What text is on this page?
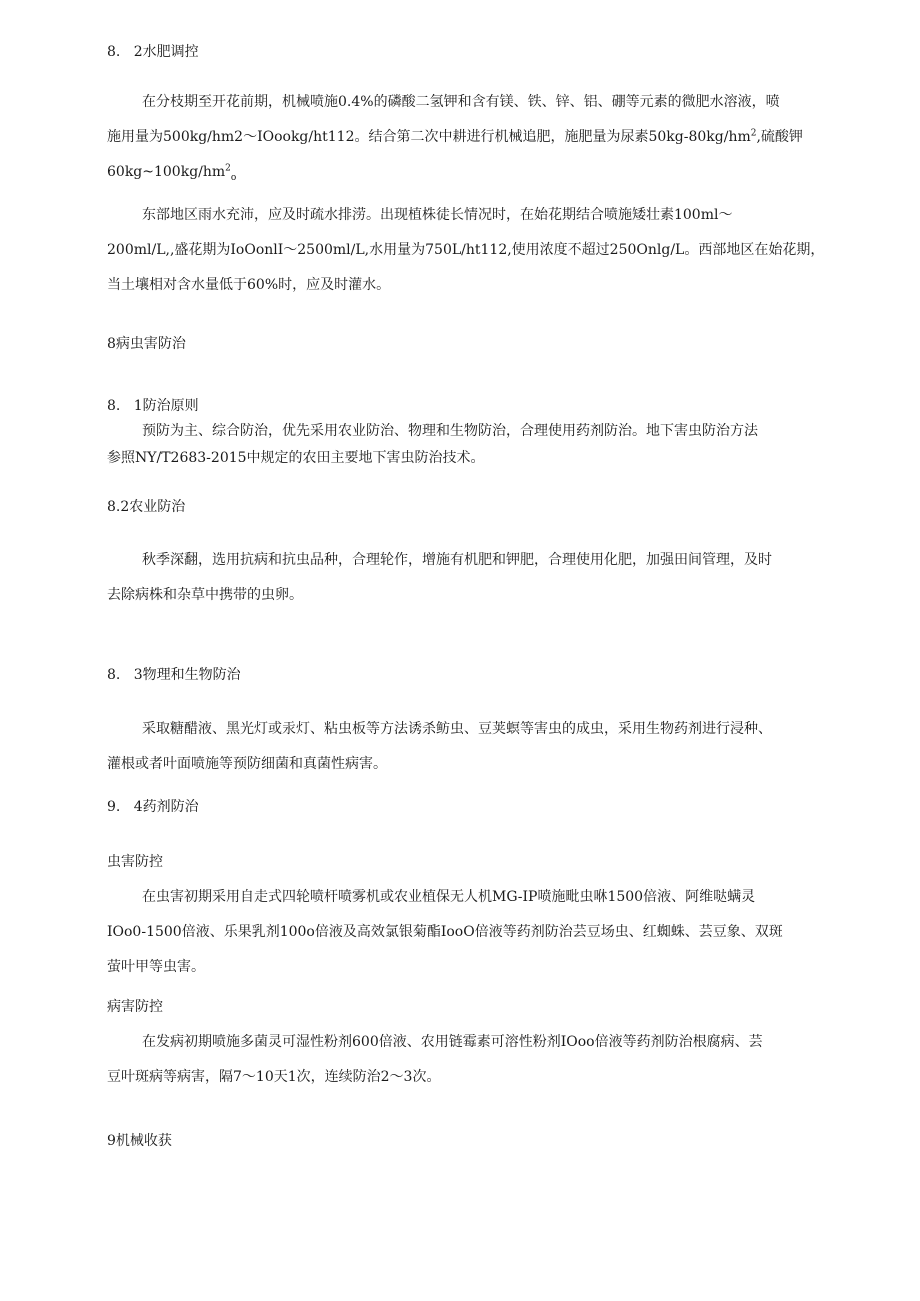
8.   2水肥调控
在分枝期至开花前期，机械喷施0.4%的磷酸二氢钾和含有镁、铁、锌、铝、硼等元素的微肥水溶液，喷
施用量为500kg∕hm2～IOookg∕ht112。结合第二次中耕进行机械追肥，施肥量为尿素$50kg-80kg∕hm^2$,硫酸钾
$60kg\sim 100kg∕hm^2_o$
东部地区雨水充沛，应及时疏水排涝。出现植株徒长情况时，在始花期结合喷施矮壮素100ml～
200ml/L,,盛花期为IoOonlI～2500ml∕L,水用量为750L∕ht112,使用浓度不超过250Onlg/L。西部地区在始花期，
当土壤相对含水量低于60%时，应及时灌水。
8病虫害防治
8.   1防治原则
预防为主、综合防治，优先采用农业防治、物理和生物防治，合理使用药剂防治。地下害虫防治方法
参照NY/T2683-2015中规定的农田主要地下害虫防治技术。
8.2农业防治
秋季深翻，选用抗病和抗虫品种，合理轮作，增施有机肥和钾肥，合理使用化肥，加强田间管理，及时
去除病株和杂草中携带的虫卵。
8.   3物理和生物防治
采取糖醋液、黑光灯或汞灯、粘虫板等方法诱杀鲂虫、豆荚螟等害虫的成虫，采用生物药剂进行浸种、
灌根或者叶面喷施等预防细菌和真菌性病害。
9.   4药剂防治
虫害防控
在虫害初期采用自走式四轮喷杆喷雾机或农业植保无人机MG-IP喷施毗虫咻1500倍液、阿维哒螨灵
IOo0-1500倍液、乐果乳剂100o倍液及高效氯银菊酯IooO倍液等药剂防治芸豆场虫、红蜘蛛、芸豆象、双斑
萤叶甲等虫害。
病害防控
在发病初期喷施多菌灵可湿性粉剂600倍液、农用链霉素可溶性粉剂IOoo倍液等药剂防治根腐病、芸
豆叶斑病等病害，隔7～10天1次，连续防治2～3次。
9机械收获
